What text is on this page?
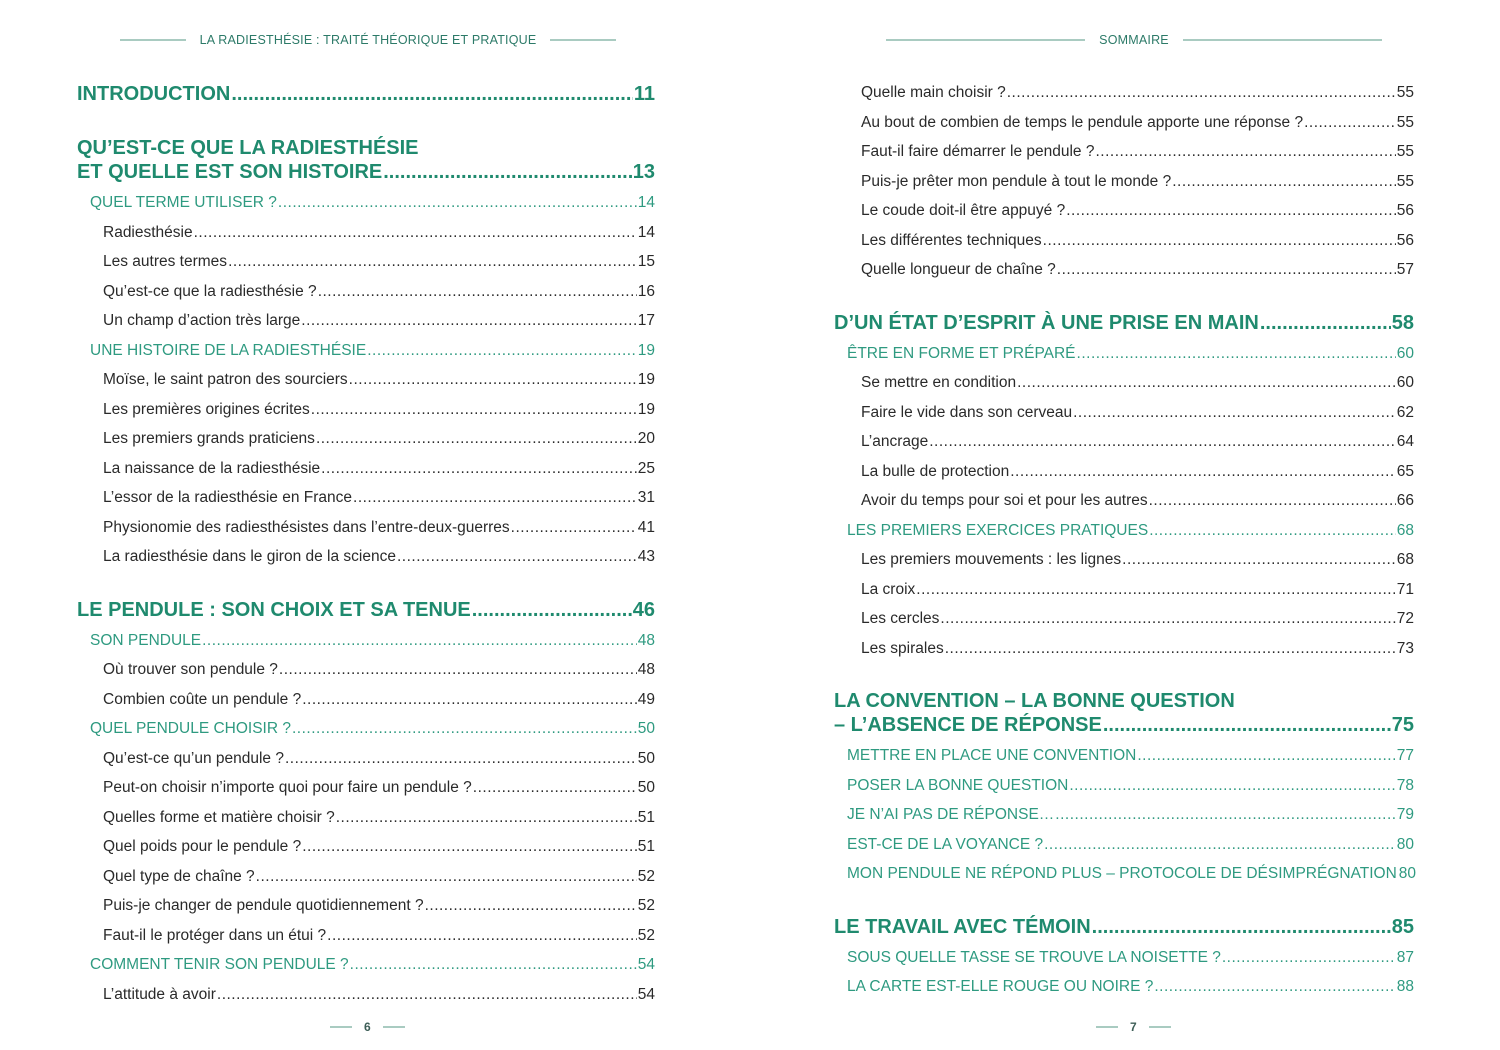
LA RADIESTHÉSIE : TRAITÉ THÉORIQUE ET PRATIQUE
INTRODUCTION .....	11
QU’EST-CE QUE LA RADIESTHÉSIE
ET QUELLE EST SON HISTOIRE .....	13
QUEL TERME UTILISER ? .....	14
Radiesthésie .....	14
Les autres termes .....	15
Qu’est-ce que la radiesthésie ? .....	16
Un champ d’action très large .....	17
UNE HISTOIRE DE LA RADIESTHÉSIE .....	19
Moïse, le saint patron des sourciers .....	19
Les premières origines écrites .....	19
Les premiers grands praticiens .....	20
La naissance de la radiesthésie .....	25
L’essor de la radiesthésie en France .....	31
Physionomie des radiesthésistes dans l’entre-deux-guerres .....	41
La radiesthésie dans le giron de la science .....	43
LE PENDULE : SON CHOIX ET SA TENUE .....	46
SON PENDULE .....	48
Où trouver son pendule ? .....	48
Combien coûte un pendule ? .....	49
QUEL PENDULE CHOISIR ? .....	50
Qu’est-ce qu’un pendule ? .....	50
Peut-on choisir n’importe quoi pour faire un pendule ? .....	50
Quelles forme et matière choisir ? .....	51
Quel poids pour le pendule ? .....	51
Quel type de chaîne ? .....	52
Puis-je changer de pendule quotidiennement ? .....	52
Faut-il le protéger dans un étui ? .....	52
COMMENT TENIR SON PENDULE ? .....	54
L’attitude à avoir .....	54
6
SOMMAIRE
Quelle main choisir ? .....	55
Au bout de combien de temps le pendule apporte une réponse ? .....	55
Faut-il faire démarrer le pendule ? .....	55
Puis-je prêter mon pendule à tout le monde ? .....	55
Le coude doit-il être appuyé ? .....	56
Les différentes techniques .....	56
Quelle longueur de chaîne ? .....	57
D’UN ÉTAT D’ESPRIT À UNE PRISE EN MAIN .....	58
ÊTRE EN FORME ET PRÉPARÉ .....	60
Se mettre en condition .....	60
Faire le vide dans son cerveau .....	62
L’ancrage .....	64
La bulle de protection .....	65
Avoir du temps pour soi et pour les autres .....	66
LES PREMIERS EXERCICES PRATIQUES .....	68
Les premiers mouvements : les lignes .....	68
La croix .....	71
Les cercles .....	72
Les spirales .....	73
LA CONVENTION – LA BONNE QUESTION
– L’ABSENCE DE RÉPONSE .....	75
METTRE EN PLACE UNE CONVENTION .....	77
POSER LA BONNE QUESTION .....	78
JE N’AI PAS DE RÉPONSE… .....	79
EST-CE DE LA VOYANCE ? .....	80
MON PENDULE NE RÉPOND PLUS – PROTOCOLE DE DÉSIMPRÉGNATION 80
LE TRAVAIL AVEC TÉMOIN .....	85
SOUS QUELLE TASSE SE TROUVE LA NOISETTE ? .....	87
LA CARTE EST-ELLE ROUGE OU NOIRE ? .....	88
7
